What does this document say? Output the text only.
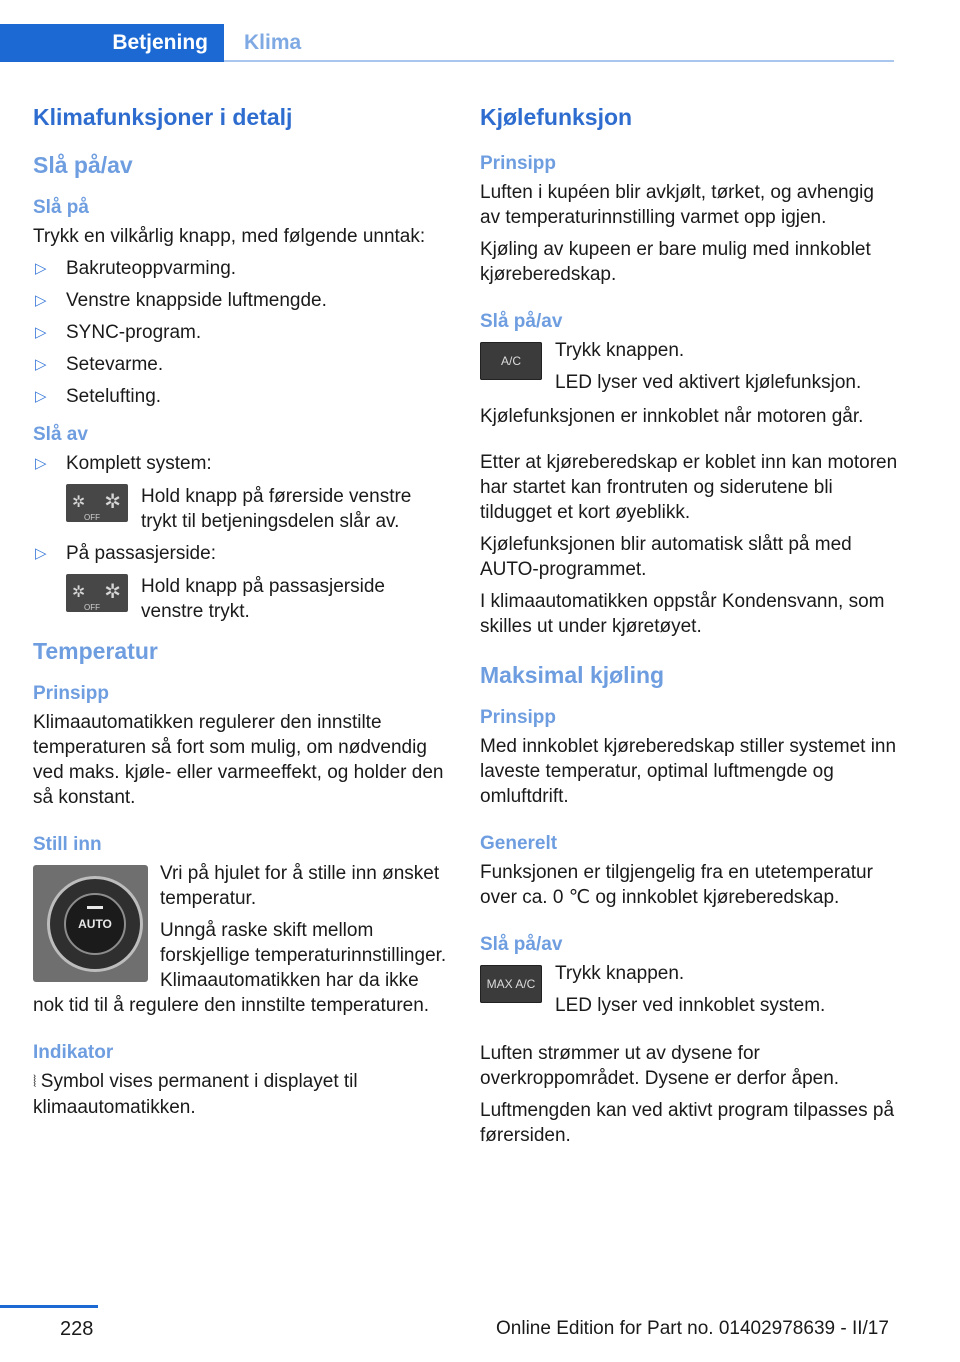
Betjening	Klima
Klimafunksjoner i detalj
Slå på/av
Slå på
Trykk en vilkårlig knapp, med følgende unntak:
▷ Bakruteoppvarming.
▷ Venstre knappside luftmengde.
▷ SYNC-program.
▷ Setevarme.
▷ Setelufting.
Slå av
▷ Komplett system:
✲
OFF
✲ Hold knapp på førerside venstre trykt til betjeningsdelen slår av.
▷ På passasjerside:
✲
OFF
✲ Hold knapp på passasjerside venstre trykt.
Temperatur
Prinsipp
Klimaautomatikken regulerer den innstilte temperaturen så fort som mulig, om nødvendig ved maks. kjøle- eller varmeeffekt, og holder den så konstant.
Still inn
AUTO
Vri på hjulet for å stille inn ønsket temperatur.
Unngå raske skift mellom forskjellige temperaturinnstillinger. Klimaautomatikken har da ikke nok tid til å regulere den innstilte temperaturen.
Indikator
⦚ Symbol vises permanent i displayet til klimaautomatikken.
Kjølefunksjon
Prinsipp
Luften i kupéen blir avkjølt, tørket, og avhengig av temperaturinnstilling varmet opp igjen.
Kjøling av kupeen er bare mulig med innkoblet kjøreberedskap.
Slå på/av
A/C	Trykk knappen.
LED lyser ved aktivert kjølefunksjon.
Kjølefunksjonen er innkoblet når motoren går.
Etter at kjøreberedskap er koblet inn kan motoren har startet kan frontruten og siderutene bli tildugget et kort øyeblikk.
Kjølefunksjonen blir automatisk slått på med AUTO-programmet.
I klimaautomatikken oppstår Kondensvann, som skilles ut under kjøretøyet.
Maksimal kjøling
Prinsipp
Med innkoblet kjøreberedskap stiller systemet inn laveste temperatur, optimal luftmengde og omluftdrift.
Generelt
Funksjonen er tilgjengelig fra en utetemperatur over ca. 0 ℃ og innkoblet kjøreberedskap.
Slå på/av
MAX A/C	Trykk knappen.
LED lyser ved innkoblet system.
Luften strømmer ut av dysene for overkroppområdet. Dysene er derfor åpen.
Luftmengden kan ved aktivt program tilpasses på førersiden.
228	Online Edition for Part no. 01402978639 - II/17
